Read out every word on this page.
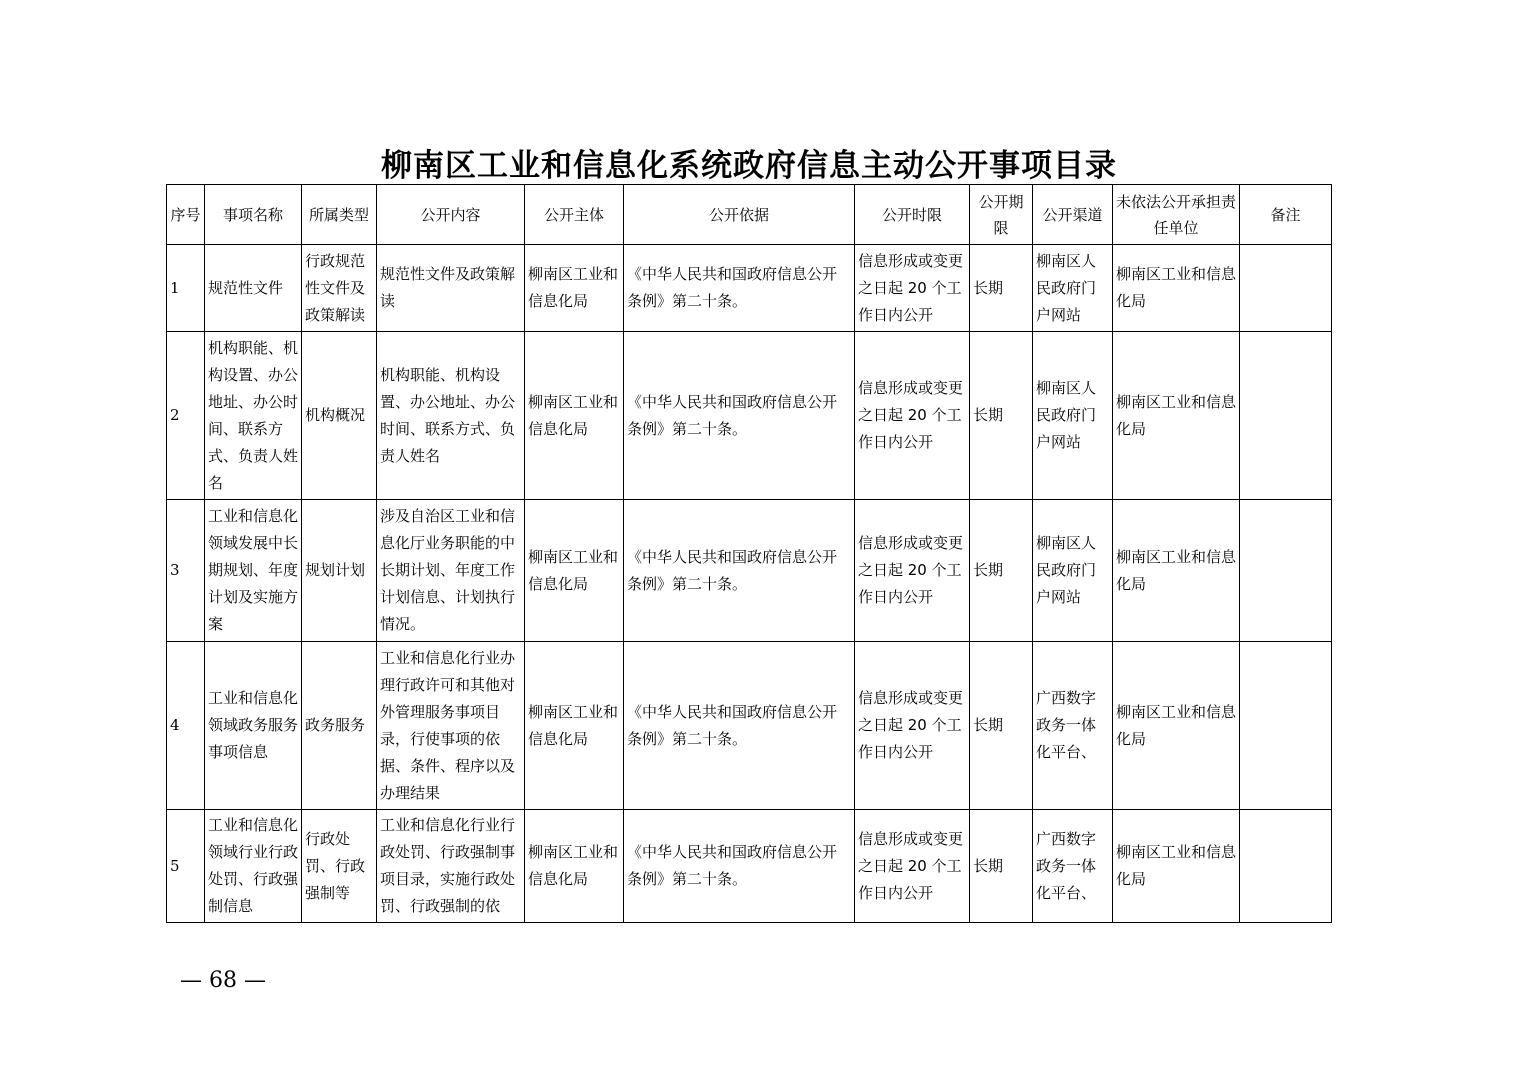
柳南区工业和信息化系统政府信息主动公开事项目录
序号	事项名称	所属类型	公开内容	公开主体	公开依据	公开时限	公开期限	公开渠道	未依法公开承担责任单位	备注
1	规范性文件	行政规范性文件及政策解读	规范性文件及政策解读	柳南区工业和信息化局	《中华人民共和国政府信息公开条例》第二十条。	信息形成或变更之日起 20 个工作日内公开	长期	柳南区人民政府门户网站	柳南区工业和信息化局	
2	机构职能、机构设置、办公地址、办公时间、联系方式、负责人姓名	机构概况	机构职能、机构设置、办公地址、办公时间、联系方式、负责人姓名	柳南区工业和信息化局	《中华人民共和国政府信息公开条例》第二十条。	信息形成或变更之日起 20 个工作日内公开	长期	柳南区人民政府门户网站	柳南区工业和信息化局	
3	工业和信息化领域发展中长期规划、年度计划及实施方案	规划计划	涉及自治区工业和信息化厅业务职能的中长期计划、年度工作计划信息、计划执行情况。	柳南区工业和信息化局	《中华人民共和国政府信息公开条例》第二十条。	信息形成或变更之日起 20 个工作日内公开	长期	柳南区人民政府门户网站	柳南区工业和信息化局	
4	工业和信息化领域政务服务事项信息	政务服务	工业和信息化行业办理行政许可和其他对外管理服务事项目录，行使事项的依据、条件、程序以及办理结果	柳南区工业和信息化局	《中华人民共和国政府信息公开条例》第二十条。	信息形成或变更之日起 20 个工作日内公开	长期	广西数字政务一体化平台、	柳南区工业和信息化局	
5	工业和信息化领域行业行政处罚、行政强制信息	行政处罚、行政强制等	工业和信息化行业行政处罚、行政强制事项目录，实施行政处罚、行政强制的依	柳南区工业和信息化局	《中华人民共和国政府信息公开条例》第二十条。	信息形成或变更之日起 20 个工作日内公开	长期	广西数字政务一体化平台、	柳南区工业和信息化局	
— 68 —
